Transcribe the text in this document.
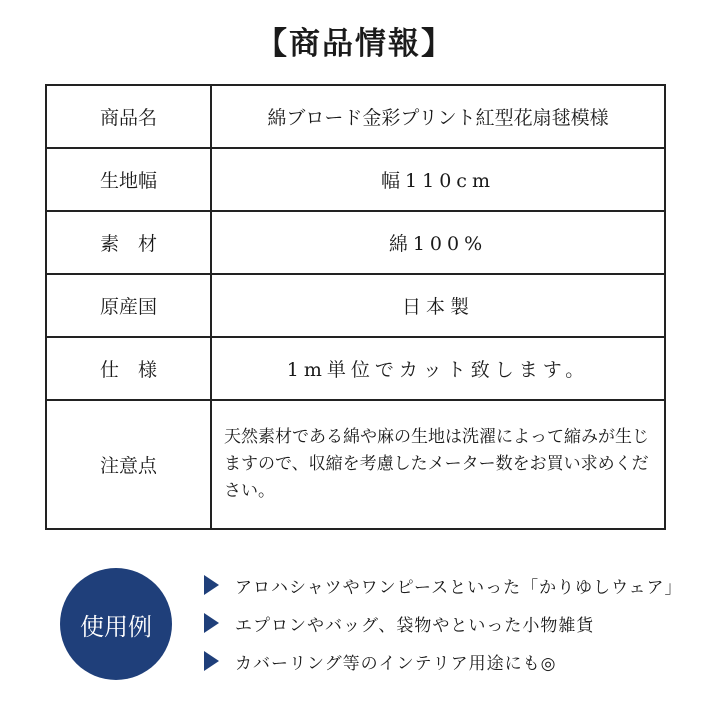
【商品情報】
商品名	綿ブロード金彩プリント紅型花扇毬模様
生地幅	幅110cm
素　材	綿100%
原産国	日本製
仕　様	1m単位でカット致します。
注意点	天然素材である綿や麻の生地は洗濯によって縮みが生じますので、収縮を考慮したメーター数をお買い求めください。
使用例
アロハシャツやワンピースといった「かりゆしウェア」
エプロンやバッグ、袋物やといった小物雑貨
カバーリング等のインテリア用途にも◎
